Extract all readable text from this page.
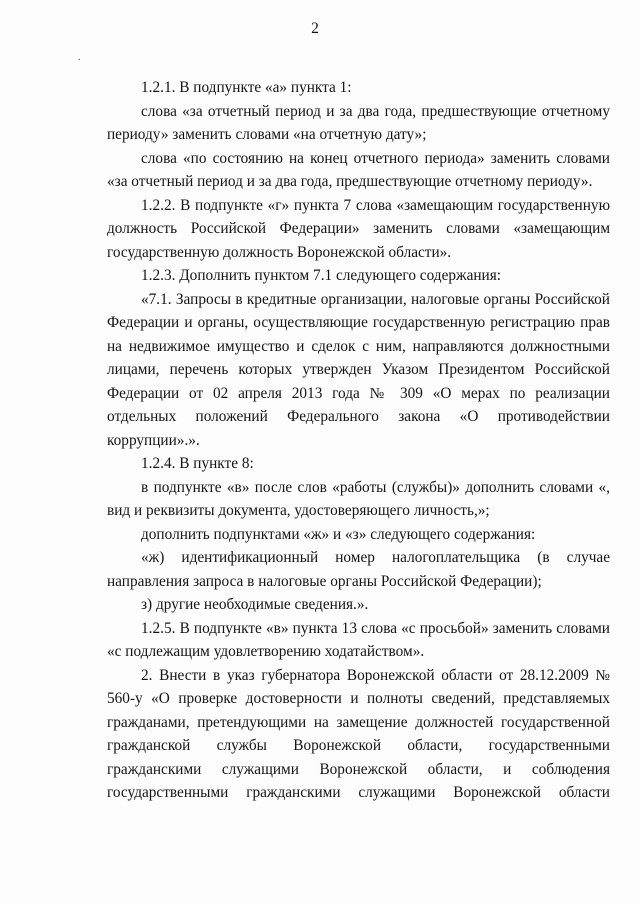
2
.

1.2.1. В подпункте «а» пункта 1:

слова «за отчетный период и за два года, предшествующие отчетному периоду» заменить словами «на отчетную дату»;

слова «по состоянию на конец отчетного периода» заменить словами «за отчетный период и за два года, предшествующие отчетному периоду».

1.2.2. В подпункте «г» пункта 7 слова «замещающим государственную должность Российской Федерации» заменить словами «замещающим государственную должность Воронежской области».

1.2.3. Дополнить пунктом 7.1 следующего содержания:

«7.1. Запросы в кредитные организации, налоговые органы Российской Федерации и органы, осуществляющие государственную регистрацию прав на недвижимое имущество и сделок с ним, направляются должностными лицами, перечень которых утвержден Указом Президентом Российской Федерации от 02 апреля 2013 года № 309 «О мерах по реализации отдельных положений Федерального закона «О противодействии коррупции».».

1.2.4. В пункте 8:

в подпункте «в» после слов «работы (службы)» дополнить словами «, вид и реквизиты документа, удостоверяющего личность,»;

дополнить подпунктами «ж» и «з» следующего содержания:

«ж) идентификационный номер налогоплательщика (в случае направления запроса в налоговые органы Российской Федерации);

з) другие необходимые сведения.».

1.2.5. В подпункте «в» пункта 13 слова «с просьбой» заменить словами «с подлежащим удовлетворению ходатайством».

2. Внести в указ губернатора Воронежской области от 28.12.2009 № 560-у «О проверке достоверности и полноты сведений, представляемых гражданами, претендующими на замещение должностей государственной гражданской службы Воронежской области, государственными гражданскими служащими Воронежской области, и соблюдения государственными гражданскими служащими Воронежской области
